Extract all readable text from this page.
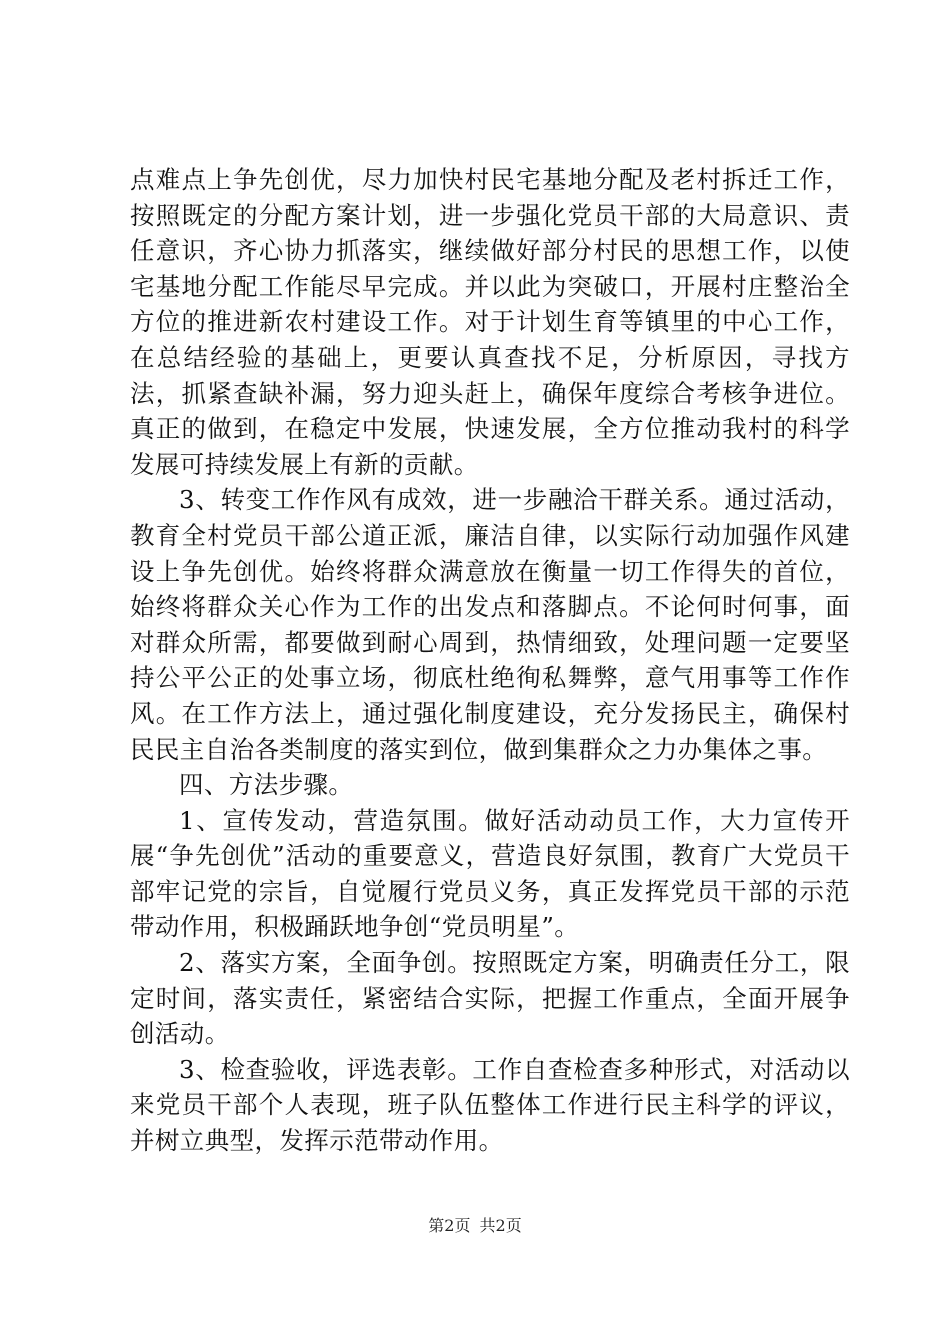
点难点上争先创优，尽力加快村民宅基地分配及老村拆迁工作，按照既定的分配方案计划，进一步强化党员干部的大局意识、责任意识，齐心协力抓落实，继续做好部分村民的思想工作，以使宅基地分配工作能尽早完成。并以此为突破口，开展村庄整治全方位的推进新农村建设工作。对于计划生育等镇里的中心工作，在总结经验的基础上，更要认真查找不足，分析原因，寻找方法，抓紧查缺补漏，努力迎头赶上，确保年度综合考核争进位。真正的做到，在稳定中发展，快速发展，全方位推动我村的科学发展可持续发展上有新的贡献。

3、转变工作作风有成效，进一步融洽干群关系。通过活动，教育全村党员干部公道正派，廉洁自律，以实际行动加强作风建设上争先创优。始终将群众满意放在衡量一切工作得失的首位，始终将群众关心作为工作的出发点和落脚点。不论何时何事，面对群众所需，都要做到耐心周到，热情细致，处理问题一定要坚持公平公正的处事立场，彻底杜绝徇私舞弊，意气用事等工作作风。在工作方法上，通过强化制度建设，充分发扬民主，确保村民民主自治各类制度的落实到位，做到集群众之力办集体之事。

四、方法步骤。

1、宣传发动，营造氛围。做好活动动员工作，大力宣传开展“争先创优”活动的重要意义，营造良好氛围，教育广大党员干部牢记党的宗旨，自觉履行党员义务，真正发挥党员干部的示范带动作用，积极踊跃地争创“党员明星”。

2、落实方案，全面争创。按照既定方案，明确责任分工，限定时间，落实责任，紧密结合实际，把握工作重点，全面开展争创活动。

3、检查验收，评选表彰。工作自查检查多种形式，对活动以来党员干部个人表现，班子队伍整体工作进行民主科学的评议，并树立典型，发挥示范带动作用。

第2页 共2页
